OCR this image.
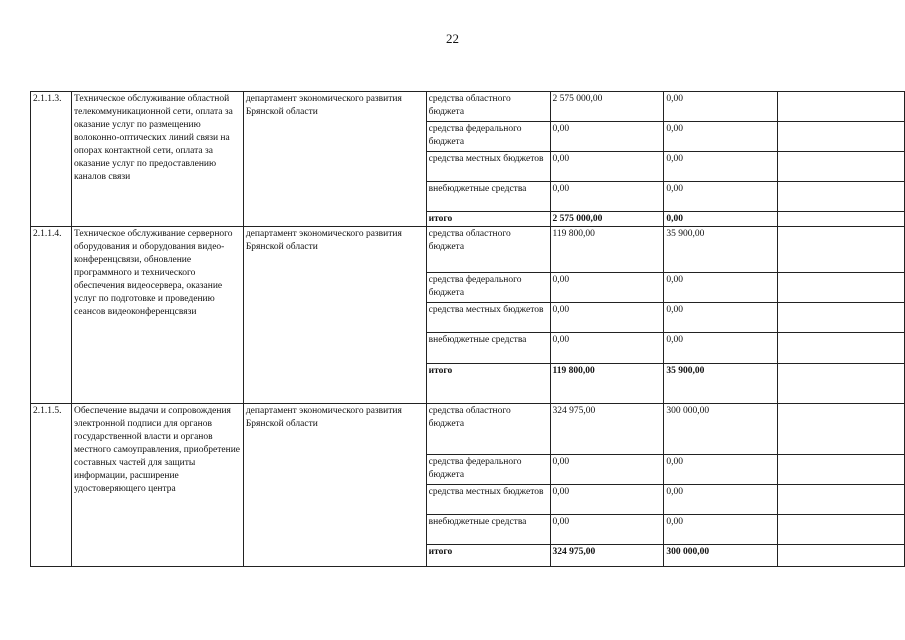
22
2.1.1.3.	Техническое обслуживание областной телекоммуникационной сети, оплата за оказание услуг по размещению волоконно-оптических линий связи на опорах контактной сети, оплата за оказание услуг по предоставлению каналов связи	департамент экономического развития Брянской области	средства областного бюджета	2 575 000,00	0,00	
			средства федерального бюджета	0,00	0,00	
			средства местных бюджетов	0,00	0,00	
			внебюджетные средства	0,00	0,00	
			итого	2 575 000,00	0,00	
2.1.1.4.	Техническое обслуживание серверного оборудования и оборудования видео-конференцсвязи, обновление программного и технического обеспечения видеосервера, оказание услуг по подготовке и проведению сеансов видеоконференцсвязи	департамент экономического развития Брянской области	средства областного бюджета	119 800,00	35 900,00	
			средства федерального бюджета	0,00	0,00	
			средства местных бюджетов	0,00	0,00	
			внебюджетные средства	0,00	0,00	
			итого	119 800,00	35 900,00	
2.1.1.5.	Обеспечение выдачи и сопровождения электронной подписи для органов государственной власти и органов местного самоуправления, приобретение составных частей для защиты информации, расширение удостоверяющего центра	департамент экономического развития Брянской области	средства областного бюджета	324 975,00	300 000,00	
			средства федерального бюджета	0,00	0,00	
			средства местных бюджетов	0,00	0,00	
			внебюджетные средства	0,00	0,00	
			итого	324 975,00	300 000,00	
